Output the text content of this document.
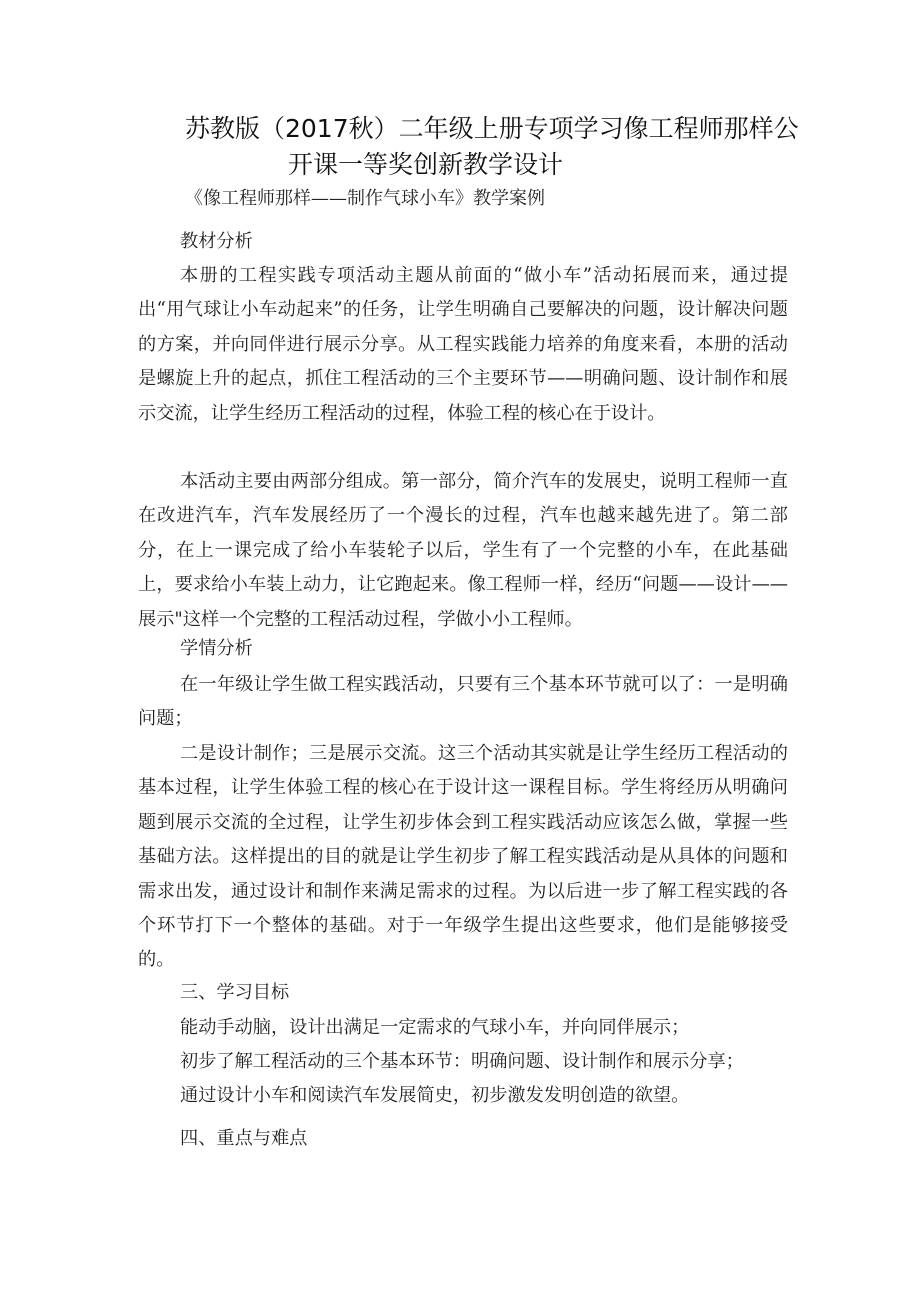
苏教版（2017秋）二年级上册专项学习像工程师那样公
开课一等奖创新教学设计
《像工程师那样——制作气球小车》教学案例
教材分析
本册的工程实践专项活动主题从前面的“做小车”活动拓展而来，通过提出“用气球让小车动起来”的任务，让学生明确自己要解决的问题，设计解决问题的方案，并向同伴进行展示分享。从工程实践能力培养的角度来看，本册的活动是螺旋上升的起点，抓住工程活动的三个主要环节——明确问题、设计制作和展示交流，让学生经历工程活动的过程，体验工程的核心在于设计。
本活动主要由两部分组成。第一部分，简介汽车的发展史，说明工程师一直在改进汽车，汽车发展经历了一个漫长的过程，汽车也越来越先进了。第二部分，在上一课完成了给小车装轮子以后，学生有了一个完整的小车，在此基础上，要求给小车装上动力，让它跑起来。像工程师一样，经历“问题——设计——展示"这样一个完整的工程活动过程，学做小小工程师。
学情分析
在一年级让学生做工程实践活动，只要有三个基本环节就可以了：一是明确问题；
二是设计制作；三是展示交流。这三个活动其实就是让学生经历工程活动的基本过程，让学生体验工程的核心在于设计这一课程目标。学生将经历从明确问题到展示交流的全过程，让学生初步体会到工程实践活动应该怎么做，掌握一些基础方法。这样提出的目的就是让学生初步了解工程实践活动是从具体的问题和需求出发，通过设计和制作来满足需求的过程。为以后进一步了解工程实践的各个环节打下一个整体的基础。对于一年级学生提出这些要求，他们是能够接受的。
三、学习目标
能动手动脑，设计出满足一定需求的气球小车，并向同伴展示；
初步了解工程活动的三个基本环节：明确问题、设计制作和展示分享；
通过设计小车和阅读汽车发展简史，初步激发发明创造的欲望。
四、重点与难点
